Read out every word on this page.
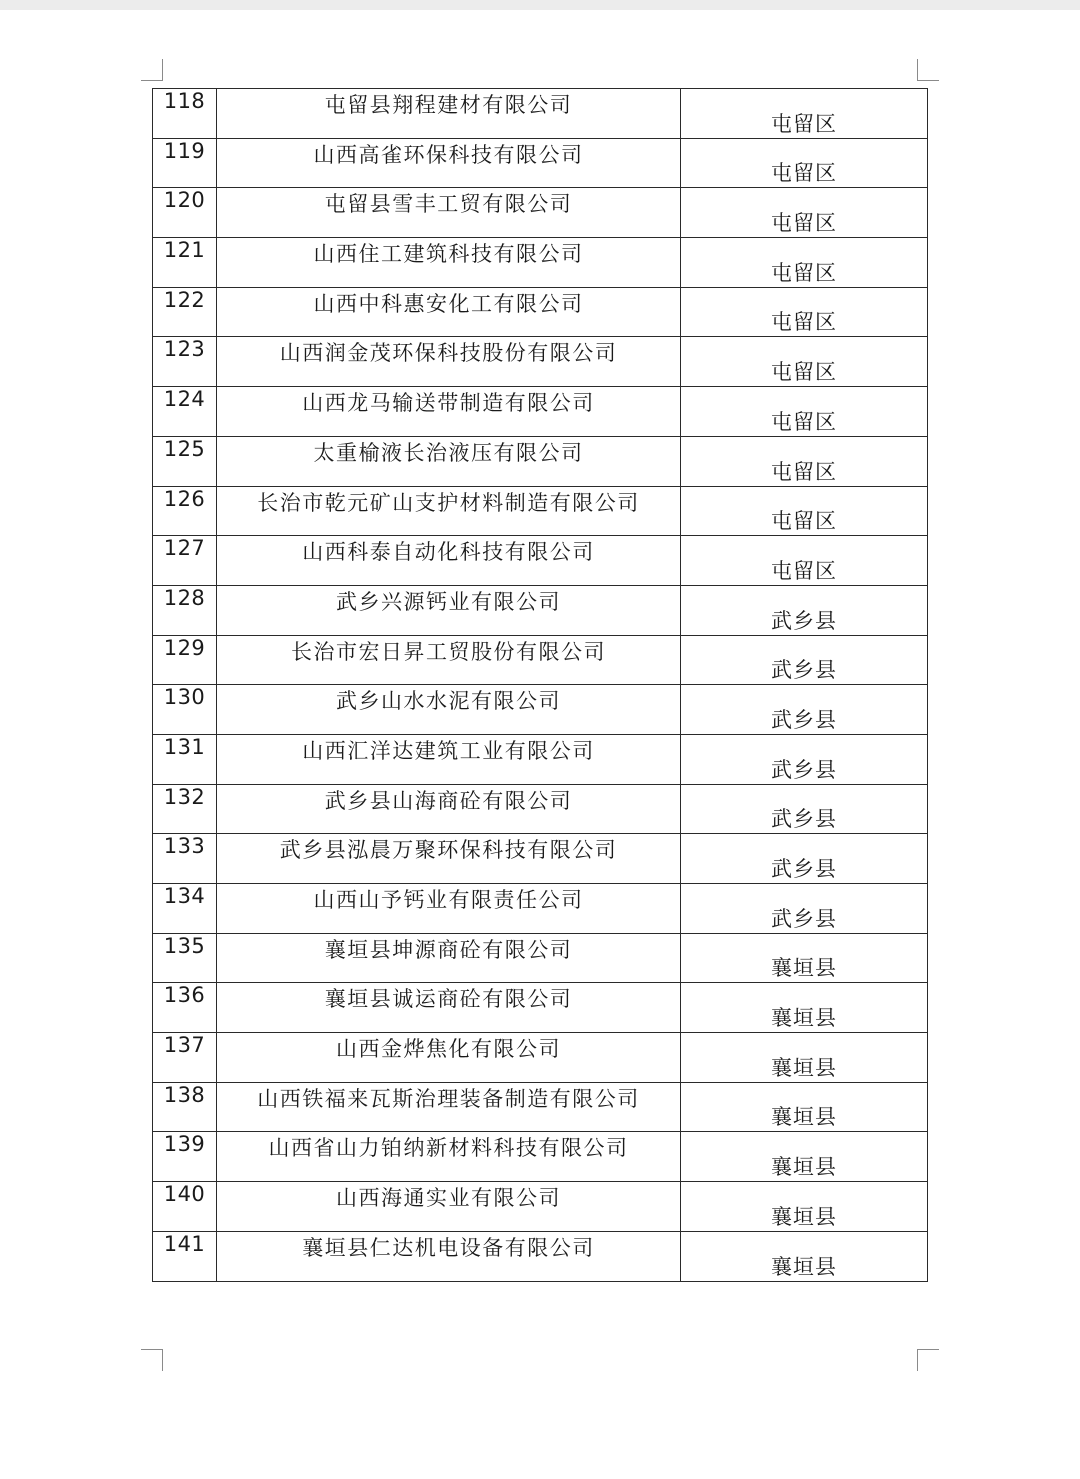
118	屯留县翔程建材有限公司	屯留区
119	山西高雀环保科技有限公司	屯留区
120	屯留县雪丰工贸有限公司	屯留区
121	山西住工建筑科技有限公司	屯留区
122	山西中科惠安化工有限公司	屯留区
123	山西润金茂环保科技股份有限公司	屯留区
124	山西龙马输送带制造有限公司	屯留区
125	太重榆液长治液压有限公司	屯留区
126	长治市乾元矿山支护材料制造有限公司	屯留区
127	山西科泰自动化科技有限公司	屯留区
128	武乡兴源钙业有限公司	武乡县
129	长治市宏日昇工贸股份有限公司	武乡县
130	武乡山水水泥有限公司	武乡县
131	山西汇洋达建筑工业有限公司	武乡县
132	武乡县山海商砼有限公司	武乡县
133	武乡县泓晨万聚环保科技有限公司	武乡县
134	山西山予钙业有限责任公司	武乡县
135	襄垣县坤源商砼有限公司	襄垣县
136	襄垣县诚运商砼有限公司	襄垣县
137	山西金烨焦化有限公司	襄垣县
138	山西铁福来瓦斯治理装备制造有限公司	襄垣县
139	山西省山力铂纳新材料科技有限公司	襄垣县
140	山西海通实业有限公司	襄垣县
141	襄垣县仁达机电设备有限公司	襄垣县
